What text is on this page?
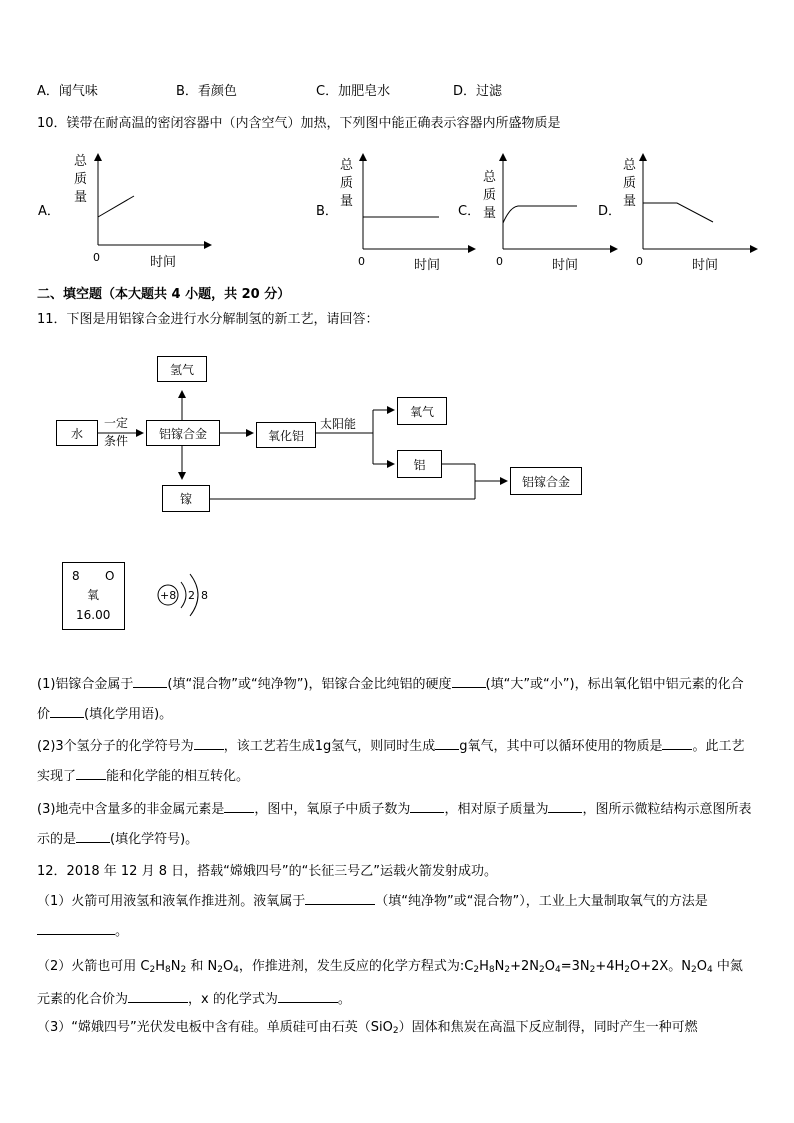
A．闻气味	B．看颜色	C．加肥皂水	D．过滤
10．镁带在耐高温的密闭容器中（内含空气）加热，下列图中能正确表示容器内所盛物质是
A．
总
质
量
0	时间
B．
总
质
量
0	时间
C．
总
质
量
0	时间
D．
总
质
量
0	时间
二、填空题（本大题共 4 小题，共 20 分）
11．下图是用铝镓合金进行水分解制氢的新工艺，请回答：
氢气
水
一定
条件
铝镓合金	氧化铝
太阳能
氧气
铝
镓
铝镓合金
8 O
氧
16.00
+8 2 8
(1)铝镓合金属于	(填“混合物”或“纯净物”)，铝镓合金比纯铝的硬度	(填“大”或“小”)，标出氧化铝中铝元素的化合价	(填化学用语)。
(2)3个氢分子的化学符号为 ，该工艺若生成1g氢气，则同时生成 g氧气，其中可以循环使用的物质是 。此工艺实现了 能和化学能的相互转化。
(3)地壳中含量多的非金属元素是 ，图中，氧原子中质子数为	，相对原子质量为	，图所示微粒结构示意图所表示的是	(填化学符号)。
12．2018 年 12 月 8 日，搭载“嫦娥四号”的“长征三号乙”运载火箭发射成功。
（1）火箭可用液氢和液氧作推进剂。液氧属于	（填“纯净物”或“混合物”），工业上大量制取氧气的方法是。
（2）火箭也可用 $C_2H_8N_2$ 和 $N_2O_4$，作推进剂，发生反应的化学方程式为$:C_2H_8N_2+2N_2O_4=3N_2+4H_2O+2X$。$N_2O_4$ 中氮元素的化合价为	，x 的化学式为	。
（3）“嫦娥四号”光伏发电板中含有硅。单质硅可由石英（SiO$_2$）固体和焦炭在高温下反应制得，同时产生一种可燃
